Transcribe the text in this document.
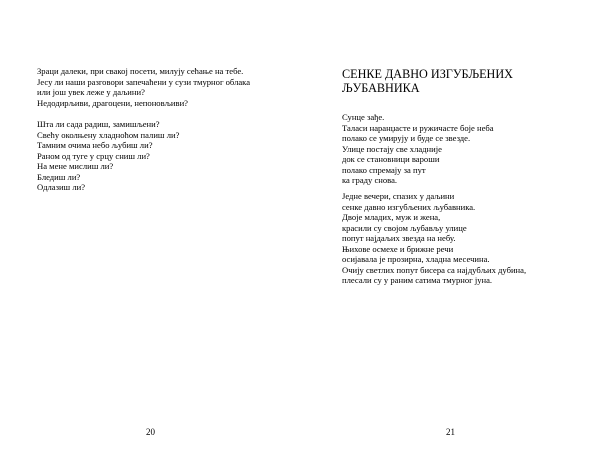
Зраци далеки, при свакој посети, милују сећање на тебе.
Јесу ли наши разговори запечаћени у сузи тмурног облака
или још увек леже у даљини?
Недодирљиви, драгоцени, непоновљиви?
Шта ли сада радиш, замишљени?
Свећу околњену хладноћом палиш ли?
Тамним очима небо љубиш ли?
Раном од туге у срцу сниш ли?
На мене мислиш ли?
Бледиш ли?
Одлазиш ли?
20
СЕНКЕ ДАВНО ИЗГУБЉЕНИХ
ЉУБАВНИКА
Сунце зађе.
Таласи наранџасте и ружичасте боје неба
полако се умирују и буде се звезде.
Улице постају све хладније
док се становници вароши
полако спремају за пут
ка граду снова.
Једне вечери, спазих у даљини
сенке давно изгубљених љубавника.
Двоје младих, муж и жена,
красили су својом љубављу улице
попут најдаљих звезда на небу.
Њихове осмехе и брижне речи
осијавала је прозирна, хладна месечина.
Очију светлих попут бисера са најдубљих дубина,
плесали су у раним сатима тмурног јуна.
21
